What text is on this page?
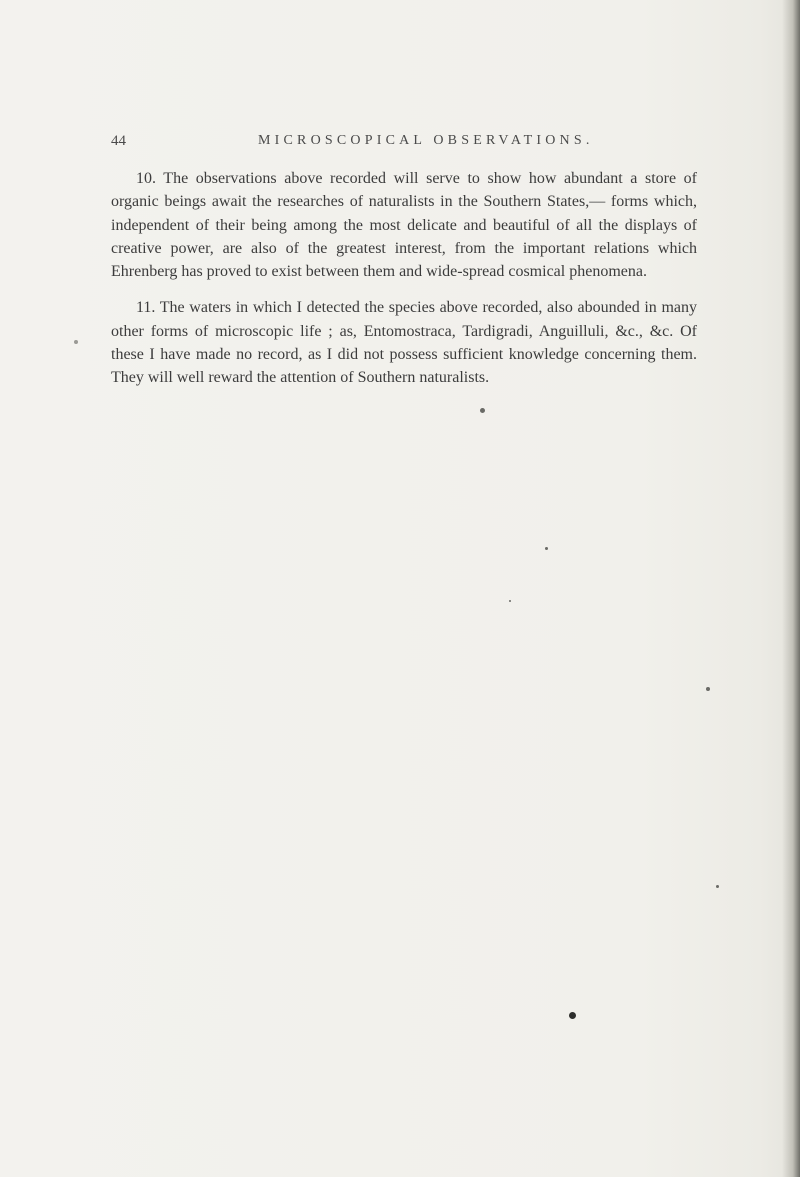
44	MICROSCOPICAL OBSERVATIONS.

10. The observations above recorded will serve to show how abundant a store of organic beings await the researches of naturalists in the Southern States,— forms which, independent of their being among the most delicate and beautiful of all the displays of creative power, are also of the greatest interest, from the important relations which Ehrenberg has proved to exist between them and wide-spread cosmical phenomena.

11. The waters in which I detected the species above recorded, also abounded in many other forms of microscopic life ; as, Entomostraca, Tardigradi, Anguilluli, &c., &c. Of these I have made no record, as I did not possess sufficient knowledge concerning them. They will well reward the attention of Southern naturalists.
